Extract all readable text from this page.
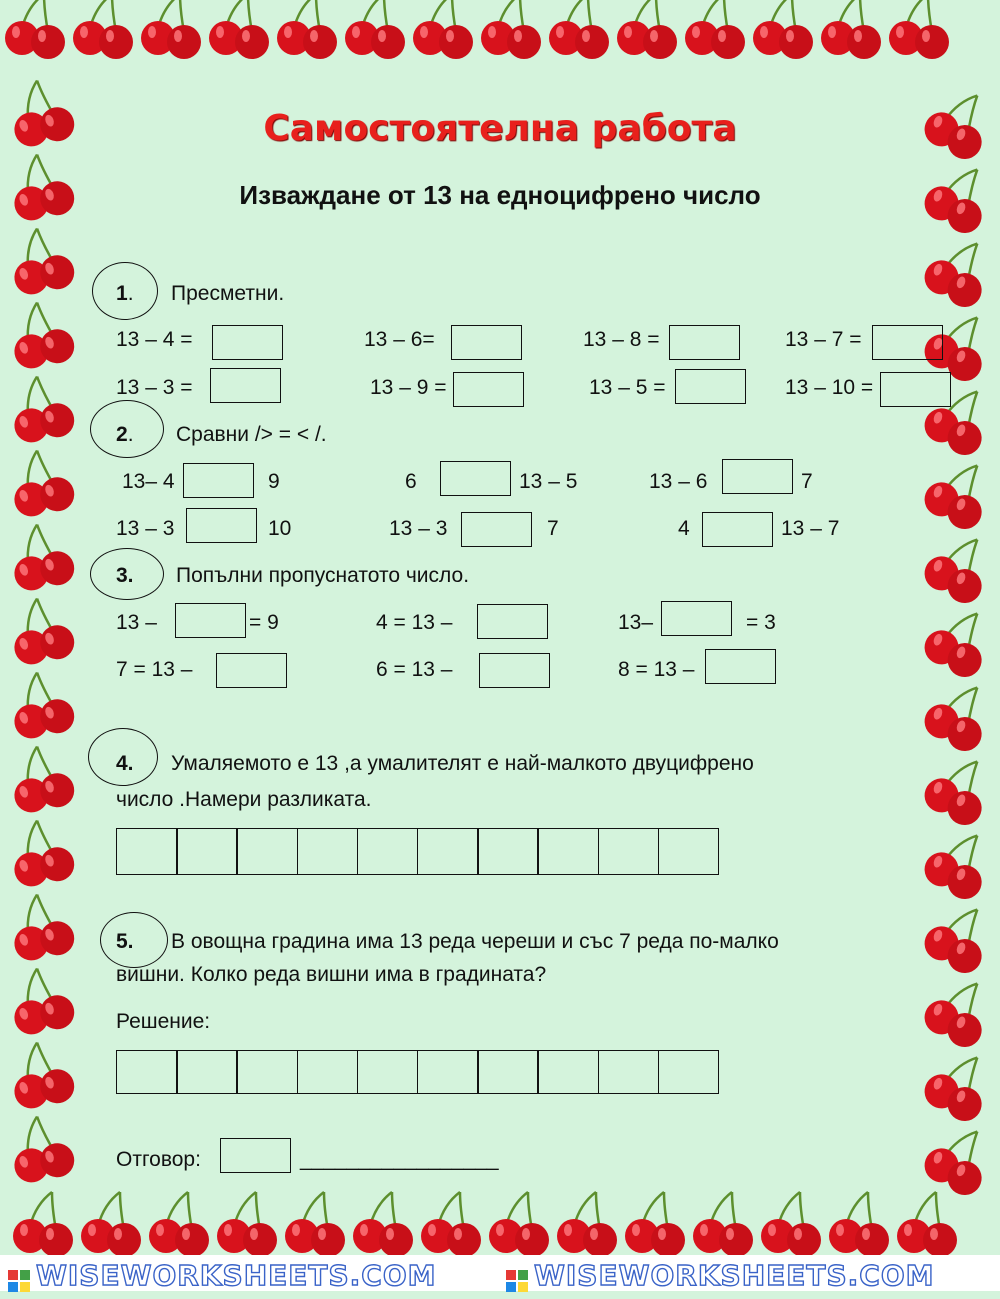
Самостоятелна работа
Изваждане от 13 на едноцифрено число
1. Пресметни.
13 – 4 =	13 – 6=	13 – 8 =	13 – 7 =
13 – 3 =	13 – 9 =	13 – 5 =	13 – 10 =
2. Сравни /> = < /.
13– 4	9	6	13 – 5	13 – 6	7
13 – 3	10	13 – 3	7	4	13 – 7
3. Попълни пропуснатото число.
13 –	= 9	4 = 13 –	13–	= 3
7 = 13 –	6 = 13 –	8 = 13 –
4. Умаляемото е 13 ,а умалителят е най-малкото двуцифрено
число .Намери разликата.
5. В овощна градина има 13 реда череши и със 7 реда по-малко
вишни. Колко реда вишни има в градината?
Решение:
Отговор:	_________________
WISEWORKSHEETS.COM	WISEWORKSHEETS.COM
